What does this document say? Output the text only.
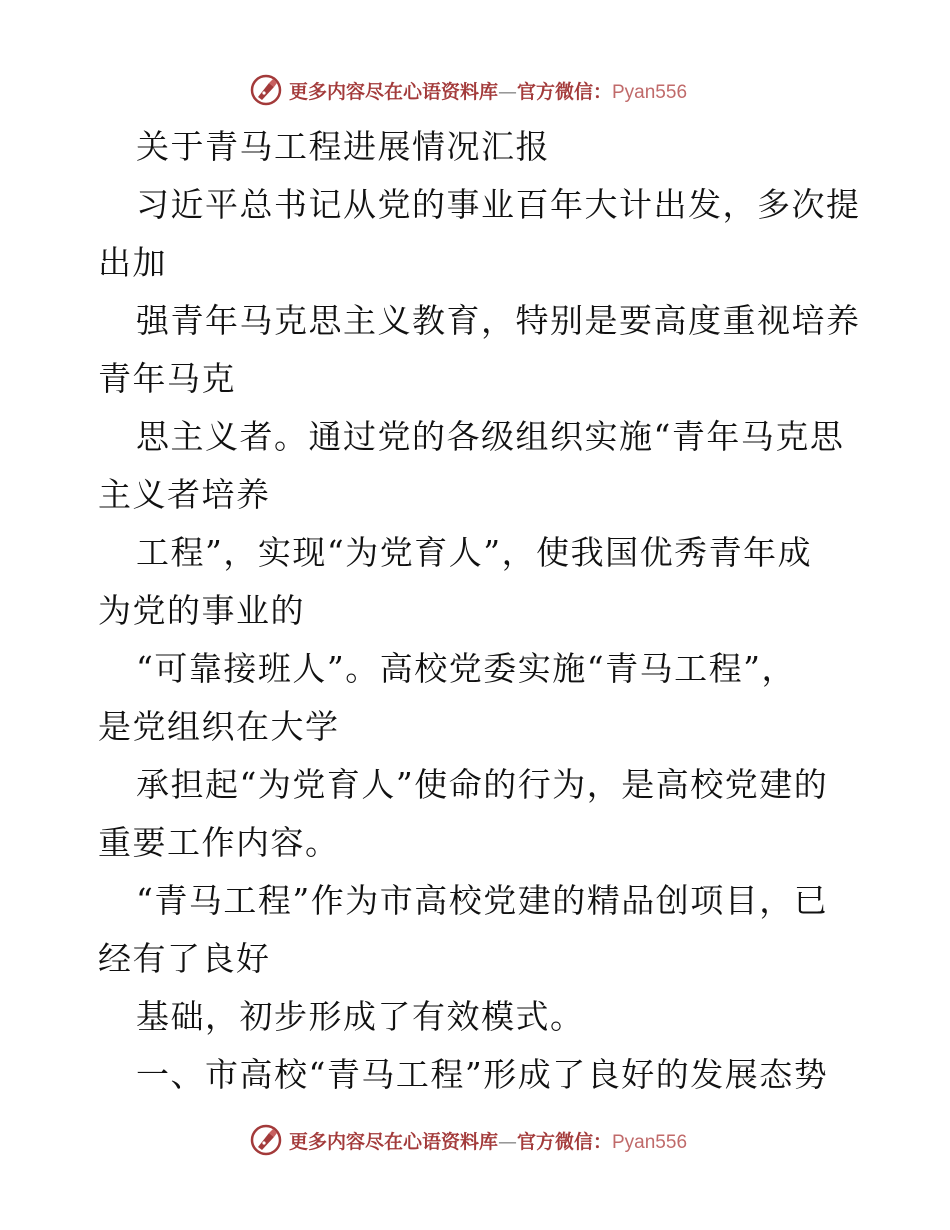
更多内容尽在心语资料库—官方微信：Pyan556
关于青马工程进展情况汇报
习近平总书记从党的事业百年大计出发，多次提
出加
强青年马克思主义教育，特别是要高度重视培养
青年马克
思主义者。通过党的各级组织实施“青年马克思
主义者培养
工程”，实现“为党育人”，使我国优秀青年成
为党的事业的
“可靠接班人”。高校党委实施“青马工程”，
是党组织在大学
承担起“为党育人”使命的行为，是高校党建的
重要工作内容。
“青马工程”作为市高校党建的精品创项目，已
经有了良好
基础，初步形成了有效模式。
一、市高校“青马工程”形成了良好的发展态势
更多内容尽在心语资料库—官方微信：Pyan556
